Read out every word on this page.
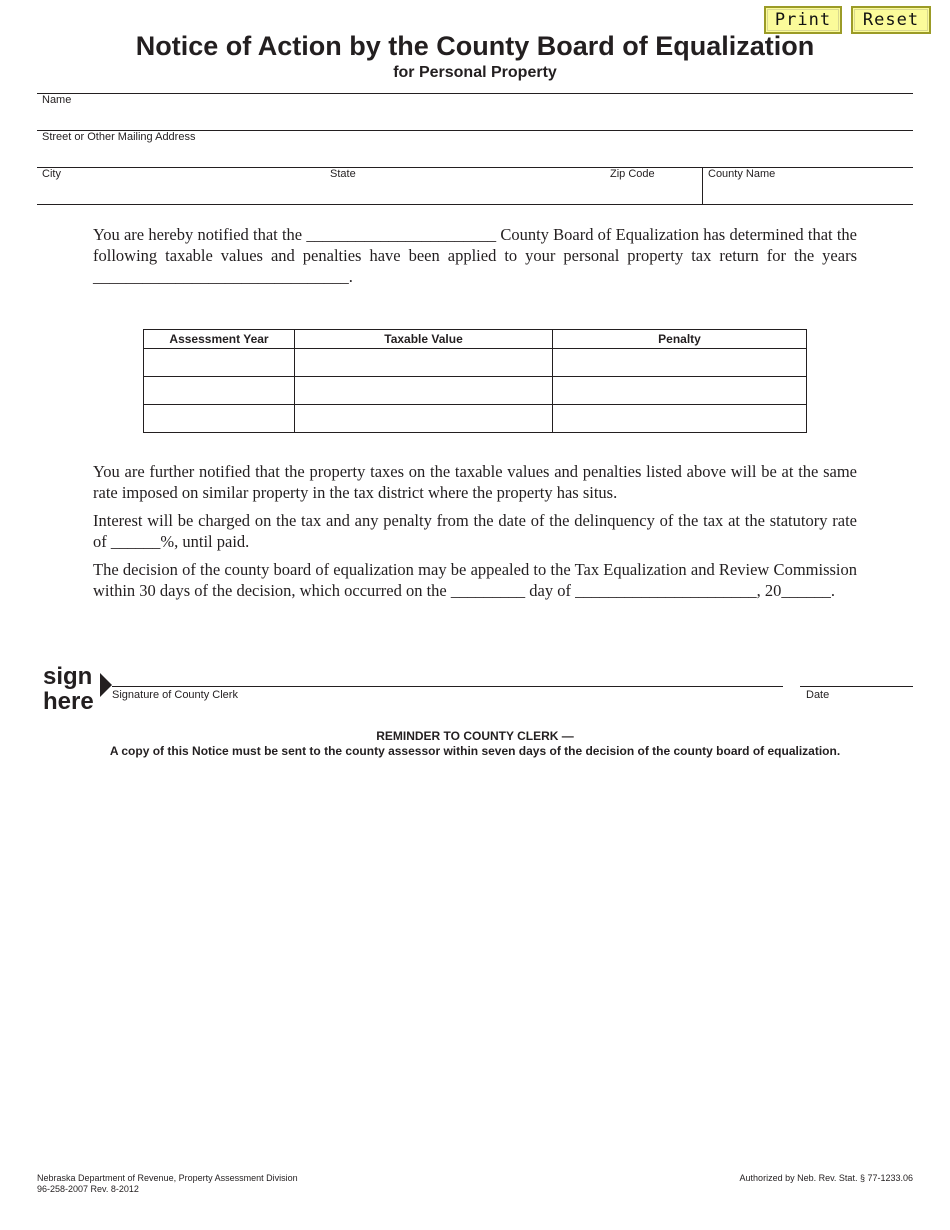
Print	Reset
Notice of Action by the County Board of Equalization
for Personal Property
Name
Street or Other Mailing Address
City	State	Zip Code	County Name

You are hereby notified that the _______________________ County Board of Equalization has determined that the following taxable values and penalties have been applied to your personal property tax return for the years _______________________________.

Assessment Year	Taxable Value	Penalty

You are further notified that the property taxes on the taxable values and penalties listed above will be at the same rate imposed on similar property in the tax district where the property has situs.

Interest will be charged on the tax and any penalty from the date of the delinquency of the tax at the statutory rate of ______%, until paid.

The decision of the county board of equalization may be appealed to the Tax Equalization and Review Commission within 30 days of the decision, which occurred on the _________ day of ______________________, 20______.

sign
here Signature of County Clerk	Date
REMINDER TO COUNTY CLERK —
A copy of this Notice must be sent to the county assessor within seven days of the decision of the county board of equalization.
Nebraska Department of Revenue, Property Assessment Division
96-258-2007 Rev. 8-2012
Authorized by Neb. Rev. Stat. § 77-1233.06
